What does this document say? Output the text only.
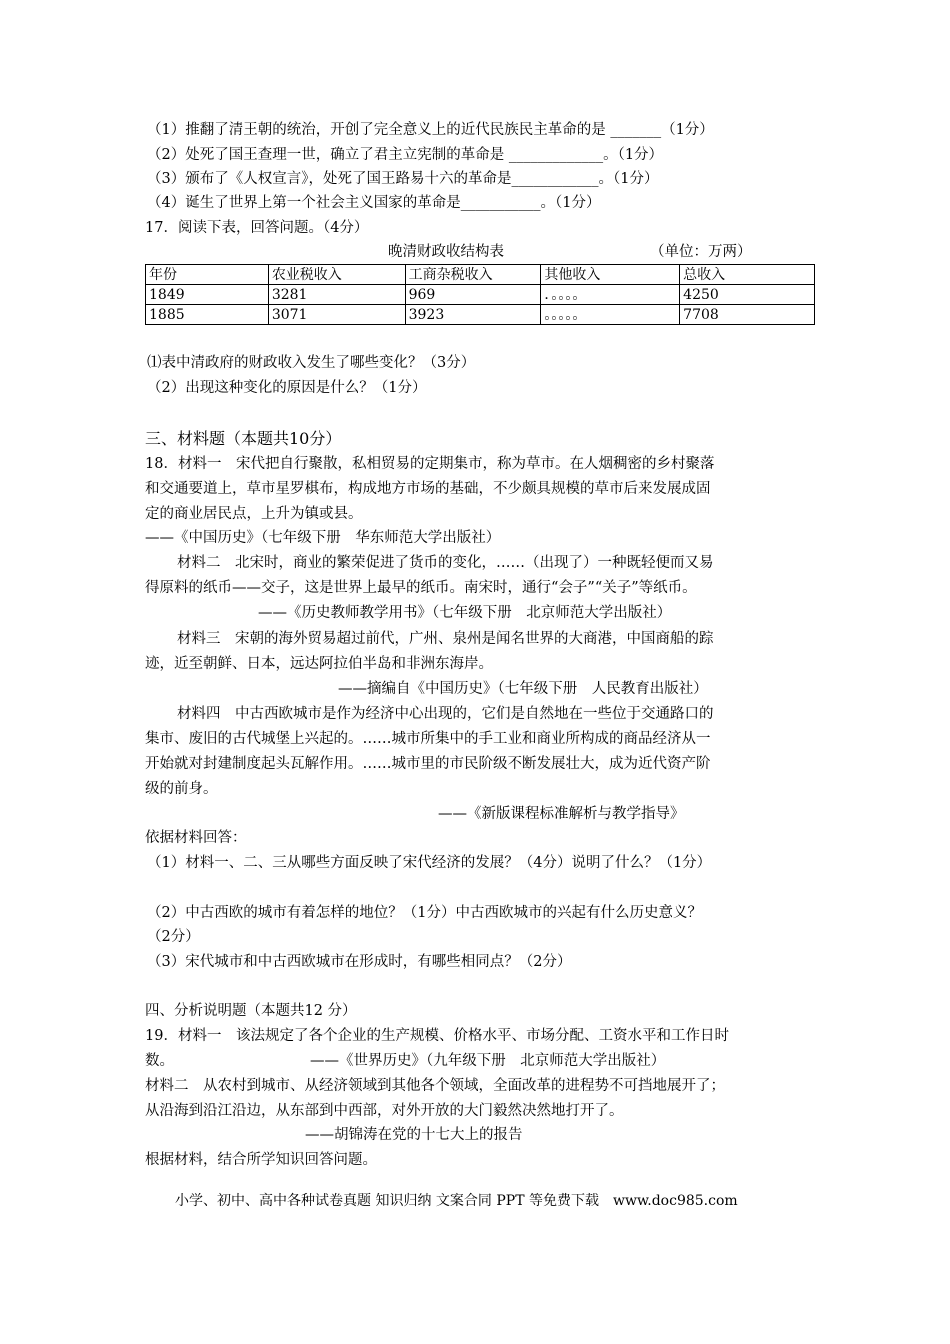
（1）推翻了清王朝的统治，开创了完全意义上的近代民族民主革命的是 _______（1分）
（2）处死了国王查理一世，确立了君主立宪制的革命是 _____________。（1分）
（3）颁布了《人权宣言》，处死了国王路易十六的革命是____________。（1分）
（4）诞生了世界上第一个社会主义国家的革命是___________。（1分）
17．阅读下表，回答问题。（4分）
晚清财政收结构表	（单位：万两）
年份	农业税收入	工商杂税收入	其他收入	总收入
1849	3281	969	．。。。。	4250
1885	3071	3923	。。。。。	7708
⑴表中清政府的财政收入发生了哪些变化？（3分）
（2）出现这种变化的原因是什么？（1分）
三、材料题（本题共10分）
18．材料一　宋代把自行聚散，私相贸易的定期集市，称为草市。在人烟稠密的乡村聚落
和交通要道上，草市星罗棋布，构成地方市场的基础，不少颇具规模的草市后来发展成固
定的商业居民点，上升为镇或县。
——《中国历史》（七年级下册　华东师范大学出版社）
材料二　北宋时，商业的繁荣促进了货币的变化，……（出现了）一种既轻便而又易
得原料的纸币——交子，这是世界上最早的纸币。南宋时，通行“会子”“关子”等纸币。
——《历史教师教学用书》（七年级下册　北京师范大学出版社）
材料三　宋朝的海外贸易超过前代，广州、泉州是闻名世界的大商港，中国商船的踪
迹，近至朝鲜、日本，远达阿拉伯半岛和非洲东海岸。
——摘编自《中国历史》（七年级下册　人民教育出版社）
材料四　中古西欧城市是作为经济中心出现的，它们是自然地在一些位于交通路口的
集市、废旧的古代城堡上兴起的。……城市所集中的手工业和商业所构成的商品经济从一
开始就对封建制度起头瓦解作用。……城市里的市民阶级不断发展壮大，成为近代资产阶
级的前身。
——《新版课程标准解析与教学指导》
依据材料回答：
（1）材料一、二、三从哪些方面反映了宋代经济的发展？（4分）说明了什么？（1分）
（2）中古西欧的城市有着怎样的地位？（1分）中古西欧城市的兴起有什么历史意义？
（2分）
（3）宋代城市和中古西欧城市在形成时，有哪些相同点？（2分）
四、分析说明题（本题共12 分）
19．材料一　该法规定了各个企业的生产规模、价格水平、市场分配、工资水平和工作日时
数。	——《世界历史》（九年级下册　北京师范大学出版社）
材料二　从农村到城市、从经济领域到其他各个领域，全面改革的进程势不可挡地展开了；
从沿海到沿江沿边，从东部到中西部，对外开放的大门毅然决然地打开了。
——胡锦涛在党的十七大上的报告
根据材料，结合所学知识回答问题。
小学、初中、高中各种试卷真题 知识归纳 文案合同 PPT 等免费下载　www.doc985.com
